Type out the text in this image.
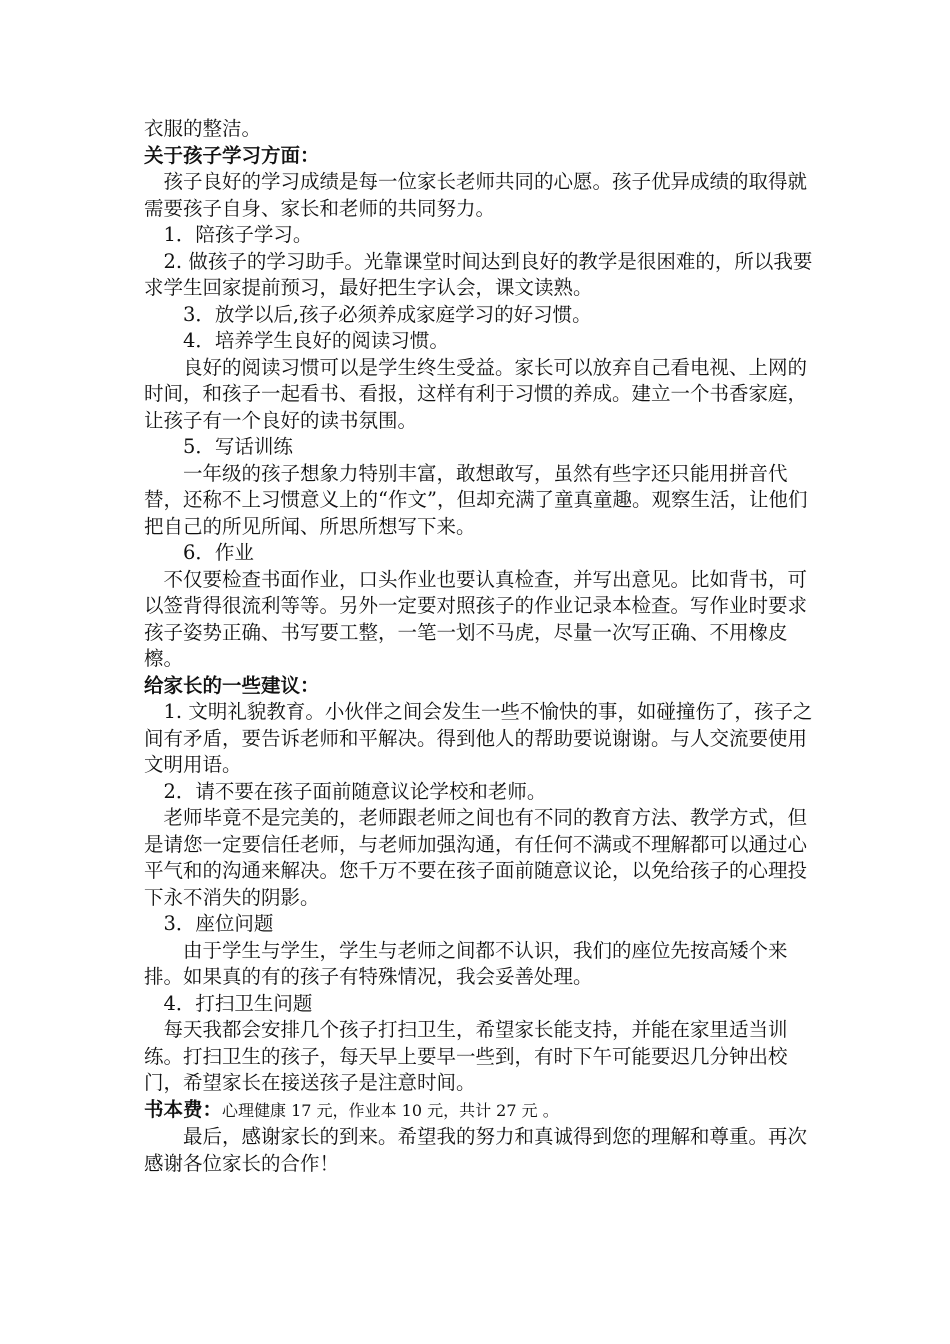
衣服的整洁。

关于孩子学习方面：

　孩子良好的学习成绩是每一位家长老师共同的心愿。孩子优异成绩的取得就需要孩子自身、家长和老师的共同努力。

　1．陪孩子学习。

　2. 做孩子的学习助手。光靠课堂时间达到良好的教学是很困难的，所以我要求学生回家提前预习，最好把生字认会，课文读熟。

　　3．放学以后,孩子必须养成家庭学习的好习惯。

　　4．培养学生良好的阅读习惯。

　　良好的阅读习惯可以是学生终生受益。家长可以放弃自己看电视、上网的时间，和孩子一起看书、看报，这样有利于习惯的养成。建立一个书香家庭，让孩子有一个良好的读书氛围。

　　5．写话训练

　　一年级的孩子想象力特别丰富，敢想敢写，虽然有些字还只能用拼音代替，还称不上习惯意义上的“作文”，但却充满了童真童趣。观察生活，让他们把自己的所见所闻、所思所想写下来。

　　6．作业

　不仅要检查书面作业，口头作业也要认真检查，并写出意见。比如背书，可以签背得很流利等等。另外一定要对照孩子的作业记录本检查。写作业时要求孩子姿势正确、书写要工整，一笔一划不马虎，尽量一次写正确、不用橡皮檫。

给家长的一些建议：

　1. 文明礼貌教育。小伙伴之间会发生一些不愉快的事，如碰撞伤了，孩子之间有矛盾，要告诉老师和平解决。得到他人的帮助要说谢谢。与人交流要使用文明用语。

　2．请不要在孩子面前随意议论学校和老师。

　老师毕竟不是完美的，老师跟老师之间也有不同的教育方法、教学方式，但是请您一定要信任老师，与老师加强沟通，有任何不满或不理解都可以通过心平气和的沟通来解决。您千万不要在孩子面前随意议论，以免给孩子的心理投下永不消失的阴影。

　3．座位问题

　　由于学生与学生，学生与老师之间都不认识，我们的座位先按高矮个来排。如果真的有的孩子有特殊情况，我会妥善处理。

　4．打扫卫生问题

　每天我都会安排几个孩子打扫卫生，希望家长能支持，并能在家里适当训练。打扫卫生的孩子，每天早上要早一些到，有时下午可能要迟几分钟出校门，希望家长在接送孩子是注意时间。

书本费：心理健康 17 元，作业本 10 元，共计 27 元 。

　　最后，感谢家长的到来。希望我的努力和真诚得到您的理解和尊重。再次感谢各位家长的合作！
